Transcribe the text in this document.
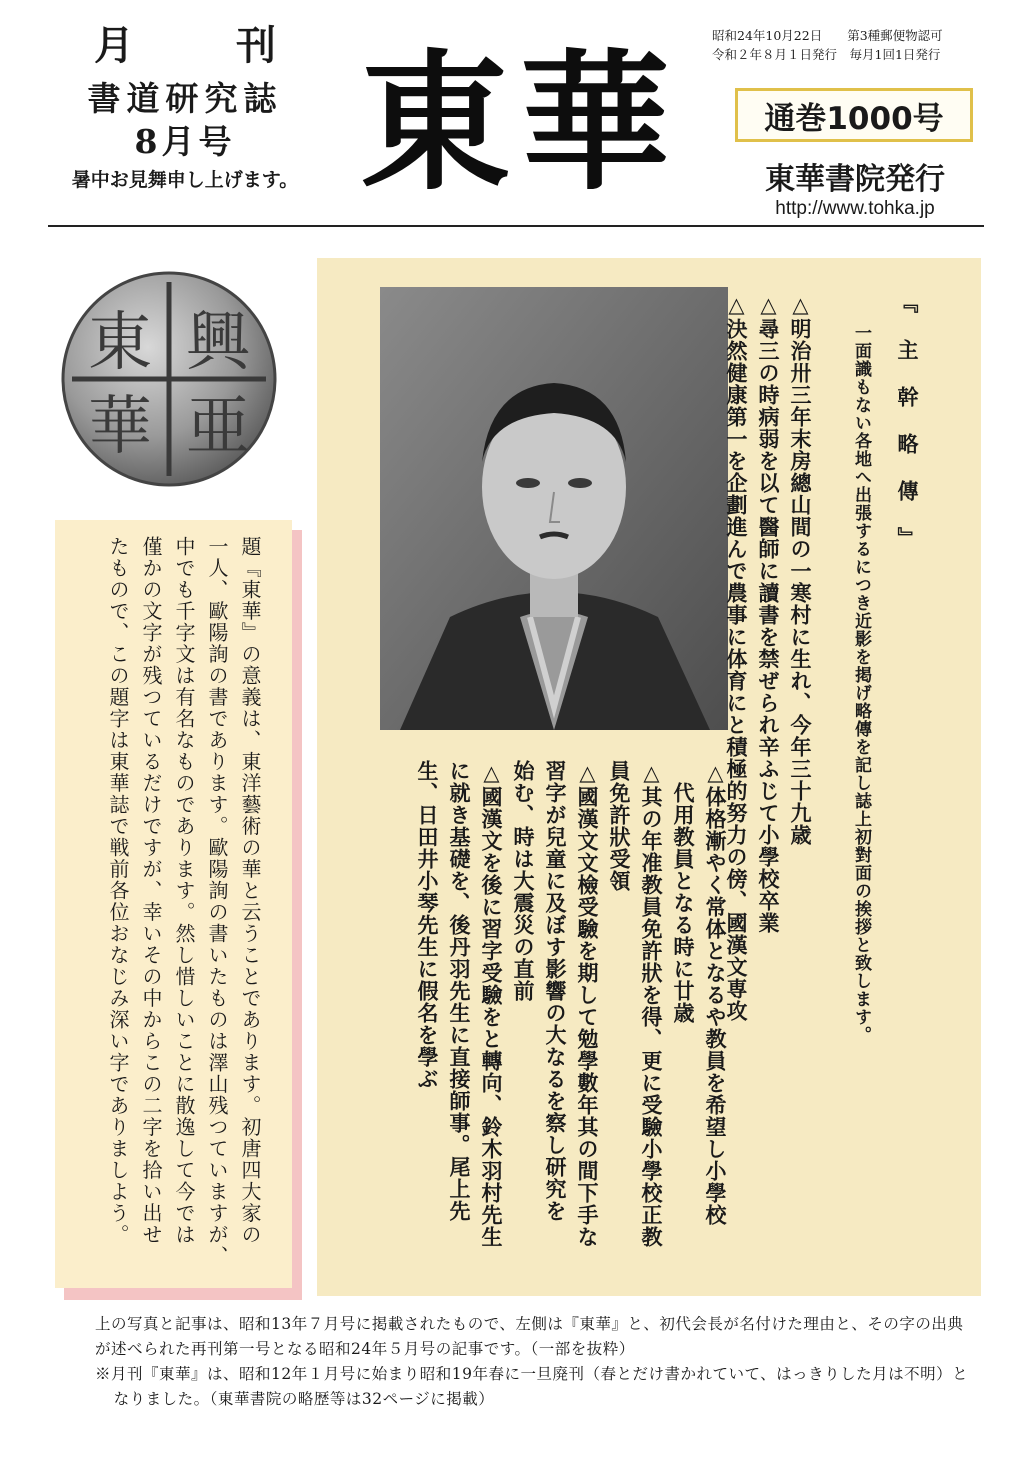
月 刊
書道研究誌
8月号
暑中お見舞申し上げます。 東華	昭和24年10月22日　　第3種郵便物認可
令和２年８月１日発行　毎月1回1日発行
通巻1000号
東華書院発行
http://www.tohka.jp
興
東
亜
華
題『東華』の意義は、東洋藝術の華と云うことであります。初唐四大家の
一人、歐陽詢の書であります。歐陽詢の書いたものは澤山残つていますが、
中でも千字文は有名なものであります。然し惜しいことに散逸して今では
僅かの文字が残つているだけですが、幸いその中からこの二字を拾い出せ
たもので、この題字は東華誌で戦前各位おなじみ深い字でありましよう。
『主幹略傳』
一面識もない各地へ出張するにつき近影を掲げ略傳を記し誌上初對面の挨拶と致します。
△明治卅三年末房總山間の一寒村に生れ、今年三十九歳
△尋三の時病弱を以て醫師に讀書を禁ぜられ辛ふじて小學校卒業
△決然健康第一を企劃進んで農事に体育にと積極的努力の傍、國漢文専攻
△体格漸やく常体となるや教員を希望し小學校
　代用教員となる時に廿歳
△其の年准教員免許狀を得、更に受驗小學校正教
員免許狀受領
△國漢文文檢受驗を期して勉學數年其の間下手な
習字が兒童に及ぼす影響の大なるを察し研究を
始む、時は大震災の直前
△國漢文を後に習字受驗をと轉向、鈴木羽村先生
に就き基礎を、後丹羽先生に直接師事。尾上先
生、日田井小琴先生に假名を學ぶ
上の写真と記事は、昭和13年７月号に掲載されたもので、左側は『東華』と、初代会長が名付けた理由と、その字の出典が述べられた再刊第一号となる昭和24年５月号の記事です。（一部を抜粋）
※月刊『東華』は、昭和12年１月号に始まり昭和19年春に一旦廃刊（春とだけ書かれていて、はっきりした月は不明）となりました。（東華書院の略歴等は32ページに掲載）
